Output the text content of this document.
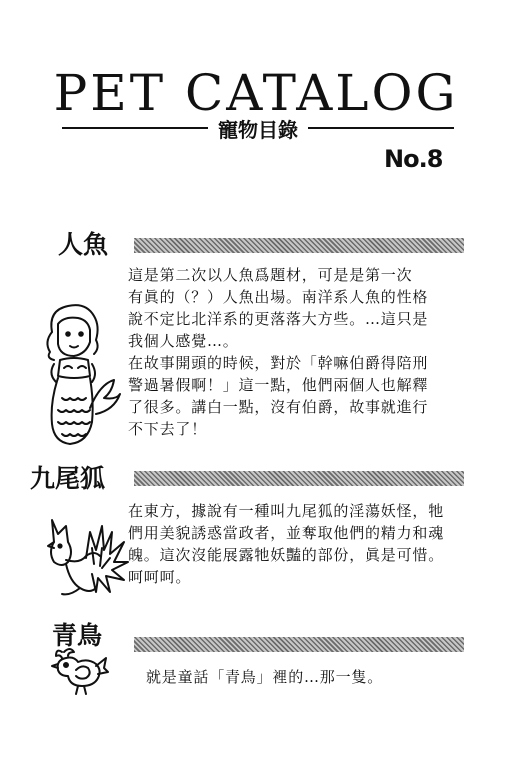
PET CATALOG
寵物目錄
No.8
人魚

這是第二次以人魚爲題材，可是是第一次
有眞的（？）人魚出場。南洋系人魚的性格
說不定比北洋系的更落落大方些。…這只是
我個人感覺…。
在故事開頭的時候，對於「幹嘛伯爵得陪刑
警過暑假啊！」這一點，他們兩個人也解釋
了很多。講白一點，沒有伯爵，故事就進行
不下去了！

九尾狐

在東方，據說有一種叫九尾狐的淫蕩妖怪，牠
們用美貌誘惑當政者，並奪取他們的精力和魂
魄。這次沒能展露牠妖豔的部份，眞是可惜。
呵呵呵。

青鳥

就是童話「青鳥」裡的…那一隻。
